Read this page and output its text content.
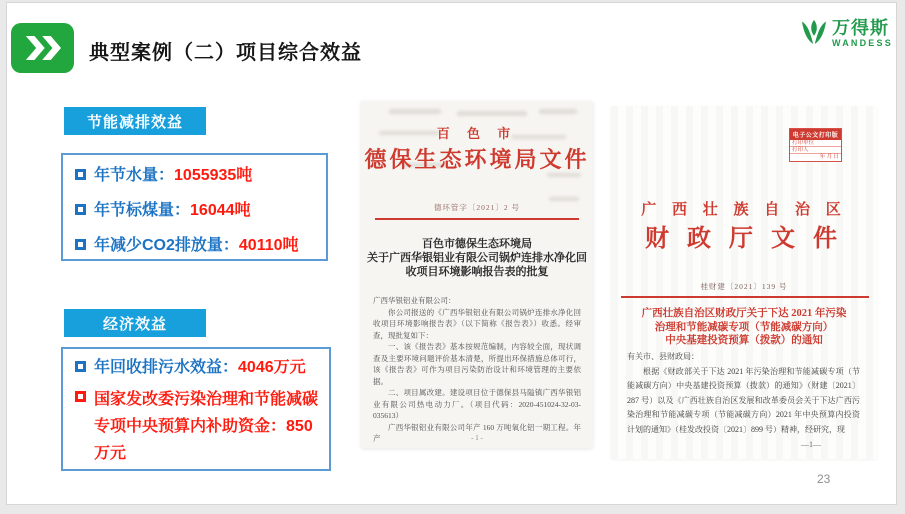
典型案例（二）项目综合效益
万得斯
WANDESS
节能减排效益
年节水量：1055935吨
年节标煤量：16044吨
年减少CO2排放量：40110吨
经济效益
年回收排污水效益：4046万元
国家发改委污染治理和节能减碳专项中央预算内补助资金：850万元
百 色 市
德保生态环境局文件
德环管字〔2021〕2 号
百色市德保生态环境局
关于广西华银铝业有限公司锅炉连排水净化回
收项目环境影响报告表的批复

广西华银铝业有限公司：

你公司报送的《广西华银铝业有限公司锅炉连排水净化回收项目环境影响报告表》（以下简称《报告表》）收悉。经审查，现批复如下：

一、该《报告表》基本按规范编制，内容较全面，现状调查及主要环境问题评价基本清楚，所提出环保措施总体可行，该《报告表》可作为项目污染防治设计和环境管理的主要依据。

二、项目属改建。建设项目位于德保县马隘镇广西华银铝业有限公司热电动力厂。（项目代码：2020-451024-32-03-035613）

广西华银铝业有限公司年产 160 万吨氧化铝一期工程。年产	- 1 -
电子公文打印版
打印单位
打印人
年 月 日
广 西 壮 族 自 治 区
财 政 厅 文 件
桂财建〔2021〕139 号
广西壮族自治区财政厅关于下达 2021 年污染
治理和节能减碳专项（节能减碳方向）
中央基建投资预算（拨款）的通知

有关市、县财政局：

根据《财政部关于下达 2021 年污染治理和节能减碳专项（节能减碳方向）中央基建投资预算（拨款）的通知》（财建〔2021〕287 号）以及《广西壮族自治区发展和改革委员会关于下达广西污染治理和节能减碳专项（节能减碳方向）2021 年中央预算内投资计划的通知》（桂发改投资〔2021〕899 号）精神，经研究，现

—1—
23
